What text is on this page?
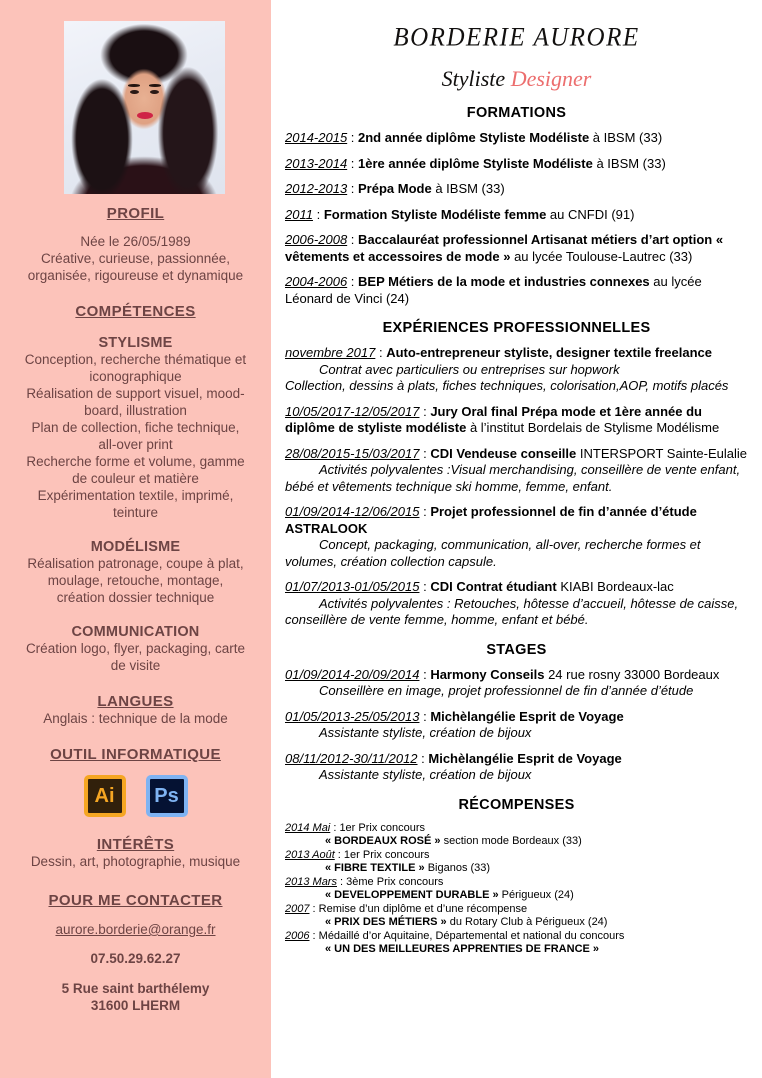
PROFIL
Née le 26/05/1989
Créative, curieuse, passionnée,
organisée, rigoureuse et dynamique
COMPÉTENCES
STYLISME
Conception, recherche thématique et
iconographique
Réalisation de support visuel, mood-
board, illustration
Plan de collection, fiche technique,
all-over print
Recherche forme et volume, gamme
de couleur et matière
Expérimentation textile, imprimé,
teinture
MODÉLISME
Réalisation patronage, coupe à plat,
moulage, retouche, montage,
création dossier technique
COMMUNICATION
Création logo, flyer, packaging, carte
de visite
LANGUES
Anglais : technique de la mode
OUTIL INFORMATIQUE
Ai	Ps
INTÉRÊTS
Dessin, art, photographie, musique
POUR ME CONTACTER
aurore.borderie@orange.fr
07.50.29.62.27
5 Rue saint barthélemy
31600 LHERM
BORDERIE AURORE
Styliste Designer
FORMATIONS

2014-2015 : 2nd année diplôme Styliste Modéliste à IBSM (33)

2013-2014 : 1ère année diplôme Styliste Modéliste à IBSM (33)

2012-2013 : Prépa Mode à IBSM (33)

2011 : Formation Styliste Modéliste femme au CNFDI (91)

2006-2008 : Baccalauréat professionnel Artisanat métiers d’art option « vêtements et accessoires de mode » au lycée Toulouse-Lautrec (33)

2004-2006 : BEP Métiers de la mode et industries connexes au lycée Léonard de Vinci (24)

EXPÉRIENCES PROFESSIONNELLES

novembre 2017 : Auto-entrepreneur styliste, designer textile freelance

Contrat avec particuliers ou entreprises sur hopwork

Collection, dessins à plats, fiches techniques, colorisation,AOP, motifs placés

10/05/2017-12/05/2017 : Jury Oral final Prépa mode et 1ère année du diplôme de styliste modéliste à l’institut Bordelais de Stylisme Modélisme

28/08/2015-15/03/2017 : CDI Vendeuse conseille INTERSPORT Sainte-Eulalie

Activités polyvalentes :Visual merchandising, conseillère de vente enfant, bébé et vêtements technique ski homme, femme, enfant.

01/09/2014-12/06/2015 : Projet professionnel de fin d’année d’étude ASTRALOOK

Concept, packaging, communication, all-over, recherche formes et volumes, création collection capsule.

01/07/2013-01/05/2015 : CDI Contrat étudiant KIABI Bordeaux-lac

Activités polyvalentes : Retouches, hôtesse d’accueil, hôtesse de caisse, conseillère de vente femme, homme, enfant et bébé.

STAGES

01/09/2014-20/09/2014 : Harmony Conseils 24 rue rosny 33000 Bordeaux

Conseillère en image, projet professionnel de fin d’année d’étude

01/05/2013-25/05/2013 : Michèlangélie Esprit de Voyage

Assistante styliste, création de bijoux

08/11/2012-30/11/2012 : Michèlangélie Esprit de Voyage

Assistante styliste, création de bijoux

RÉCOMPENSES

2014 Mai : 1er Prix concours

« BORDEAUX ROSÉ » section mode Bordeaux (33)

2013 Août : 1er Prix concours

« FIBRE TEXTILE » Biganos (33)

2013 Mars : 3ème Prix concours

« DEVELOPPEMENT DURABLE » Périgueux (24)

2007 : Remise d’un diplôme et d’une récompense

« PRIX DES MÉTIERS » du Rotary Club à Périgueux (24)

2006 : Médaillé d’or Aquitaine, Départemental et national du concours

« UN DES MEILLEURES APPRENTIES DE FRANCE »
